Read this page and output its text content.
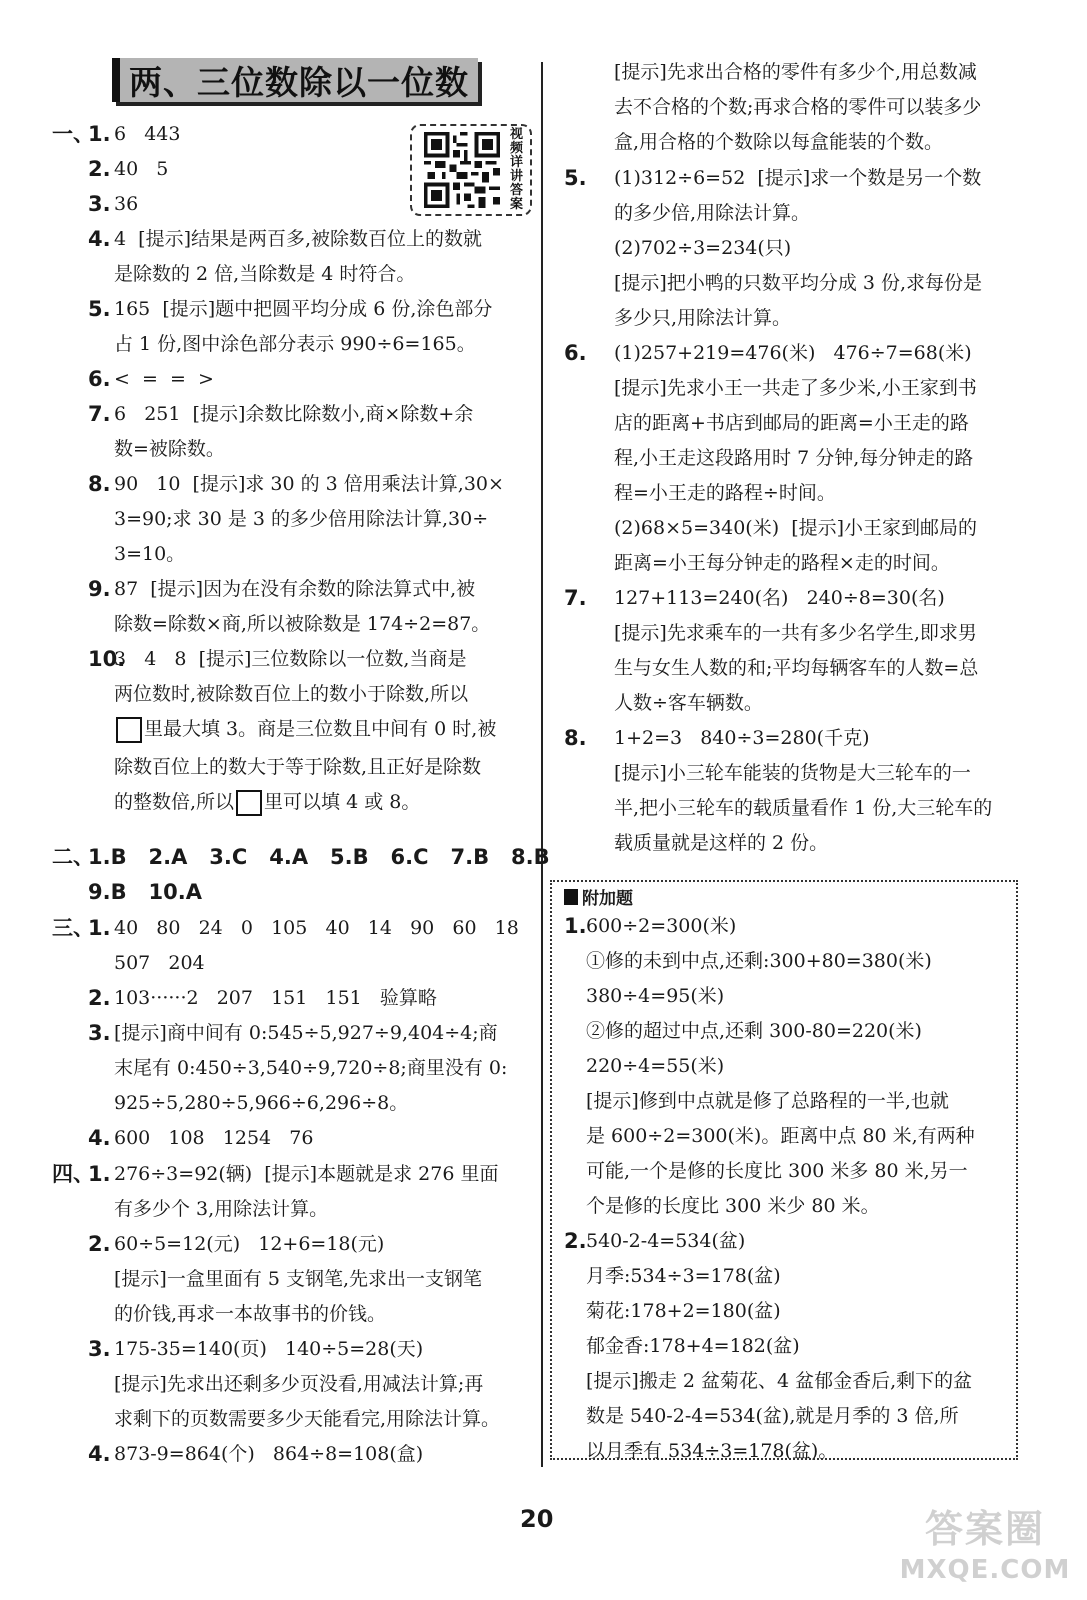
两、三位数除以一位数
视频详讲答案
一、
1. 6   443
2. 40   5
3. 36
4. 4  [提示]结果是两百多,被除数百位上的数就
是除数的 2 倍,当除数是 4 时符合。
5. 165  [提示]题中把圆平均分成 6 份,涂色部分
占 1 份,图中涂色部分表示 990÷6=165。
6. <  =  =  >
7. 6   251  [提示]余数比除数小,商×除数+余
数=被除数。
8. 90   10  [提示]求 30 的 3 倍用乘法计算,30×
3=90;求 30 是 3 的多少倍用除法计算,30÷
3=10。
9. 87  [提示]因为在没有余数的除法算式中,被
除数=除数×商,所以被除数是 174÷2=87。
10.
3   4   8  [提示]三位数除以一位数,当商是
两位数时,被除数百位上的数小于除数,所以
里最大填 3。商是三位数且中间有 0 时,被
除数百位上的数大于等于除数,且正好是除数
的整数倍,所以 里可以填 4 或 8。
二、
1.B   2.A   3.C   4.A   5.B   6.C   7.B   8.B
9.B   10.A
三、
1. 40   80   24   0   105   40   14   90   60   18
507   204
2. 103······2   207   151   151   验算略
3. [提示]商中间有 0:545÷5,927÷9,404÷4;商
末尾有 0:450÷3,540÷9,720÷8;商里没有 0:
925÷5,280÷5,966÷6,296÷8。
4. 600   108   1254   76
四、
1. 276÷3=92(辆)  [提示]本题就是求 276 里面
有多少个 3,用除法计算。
2. 60÷5=12(元)   12+6=18(元)
[提示]一盒里面有 5 支钢笔,先求出一支钢笔
的价钱,再求一本故事书的价钱。
3. 175-35=140(页)   140÷5=28(天)
[提示]先求出还剩多少页没看,用减法计算;再
求剩下的页数需要多少天能看完,用除法计算。
4. 873-9=864(个)   864÷8=108(盒)
[提示]先求出合格的零件有多少个,用总数减
去不合格的个数;再求合格的零件可以装多少
盒,用合格的个数除以每盒能装的个数。
5. (1)312÷6=52  [提示]求一个数是另一个数
的多少倍,用除法计算。
(2)702÷3=234(只)
[提示]把小鸭的只数平均分成 3 份,求每份是
多少只,用除法计算。
6. (1)257+219=476(米)   476÷7=68(米)
[提示]先求小王一共走了多少米,小王家到书
店的距离+书店到邮局的距离=小王走的路
程,小王走这段路用时 7 分钟,每分钟走的路
程=小王走的路程÷时间。
(2)68×5=340(米)  [提示]小王家到邮局的
距离=小王每分钟走的路程×走的时间。
7. 127+113=240(名)   240÷8=30(名)
[提示]先求乘车的一共有多少名学生,即求男
生与女生人数的和;平均每辆客车的人数=总
人数÷客车辆数。
8. 1+2=3   840÷3=280(千克)
[提示]小三轮车能装的货物是大三轮车的一
半,把小三轮车的载质量看作 1 份,大三轮车的
载质量就是这样的 2 份。
1. 600÷2=300(米)
①修的未到中点,还剩:300+80=380(米)
380÷4=95(米)
②修的超过中点,还剩 300-80=220(米)
220÷4=55(米)
[提示]修到中点就是修了总路程的一半,也就
是 600÷2=300(米)。距离中点 80 米,有两种
可能,一个是修的长度比 300 米多 80 米,另一
个是修的长度比 300 米少 80 米。
2. 540-2-4=534(盆)
月季:534÷3=178(盆)
菊花:178+2=180(盆)
郁金香:178+4=182(盆)
[提示]搬走 2 盆菊花、4 盆郁金香后,剩下的盆
数是 540-2-4=534(盆),就是月季的 3 倍,所
以月季有 534÷3=178(盆)。
附加题
20	答案圈
MXQE.COM
